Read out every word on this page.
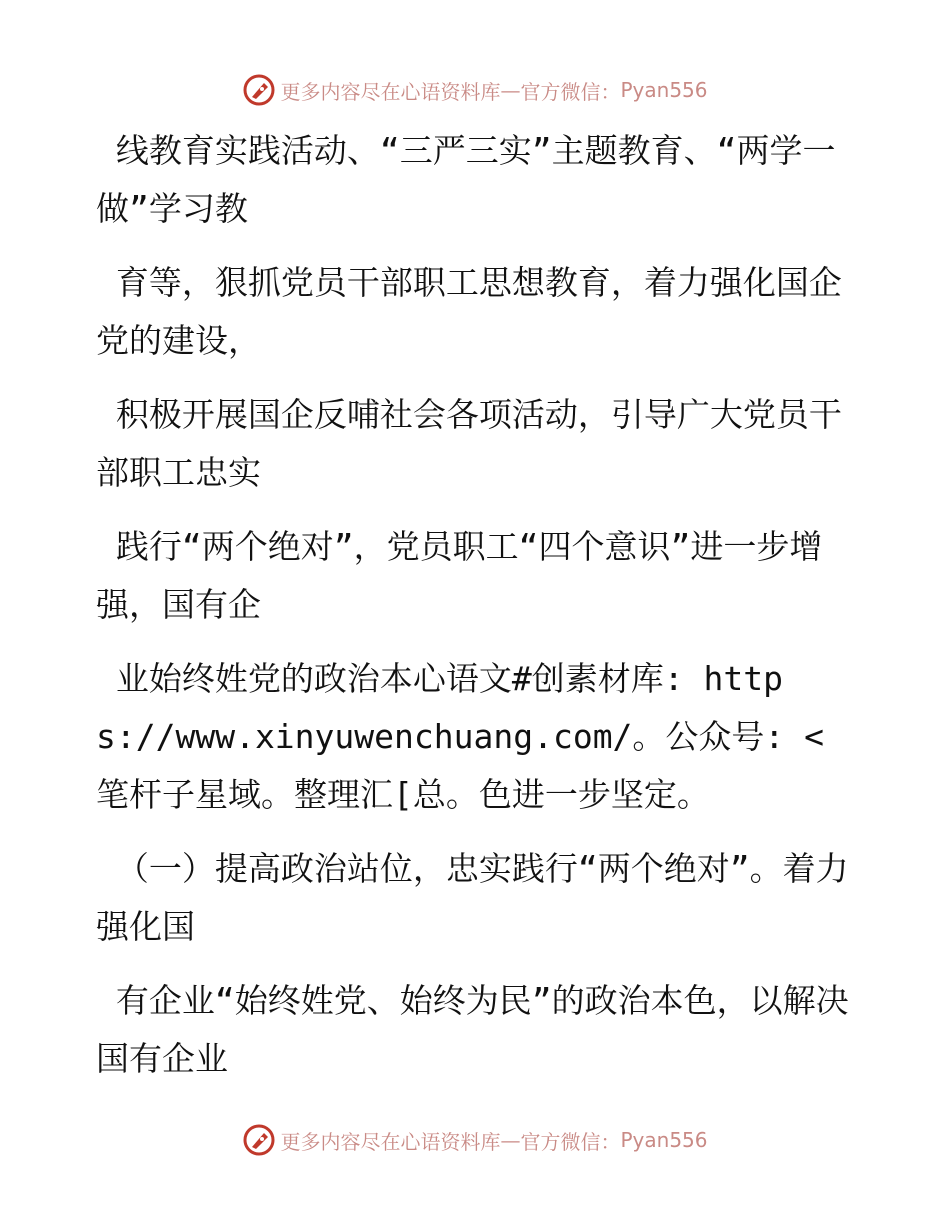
更多内容尽在心语资料库 — 官方微信： Pyan556

线教育实践活动、“三严三实”主题教育、“两学一做”学习教

育等，狠抓党员干部职工思想教育，着力强化国企党的建设，

积极开展国企反哺社会各项活动，引导广大党员干部职工忠实

践行“两个绝对”，党员职工“四个意识”进一步增强，国有企

业始终姓党的政治本心语文#创素材库: https://www.xinyuwenchuang.com/。公众号: <笔杆子星域。整理汇[总。色进一步坚定。

（一）提高政治站位，忠实践行“两个绝对”。着力强化国

有企业“始终姓党、始终为民”的政治本色，以解决国有企业

更多内容尽在心语资料库 — 官方微信： Pyan556
